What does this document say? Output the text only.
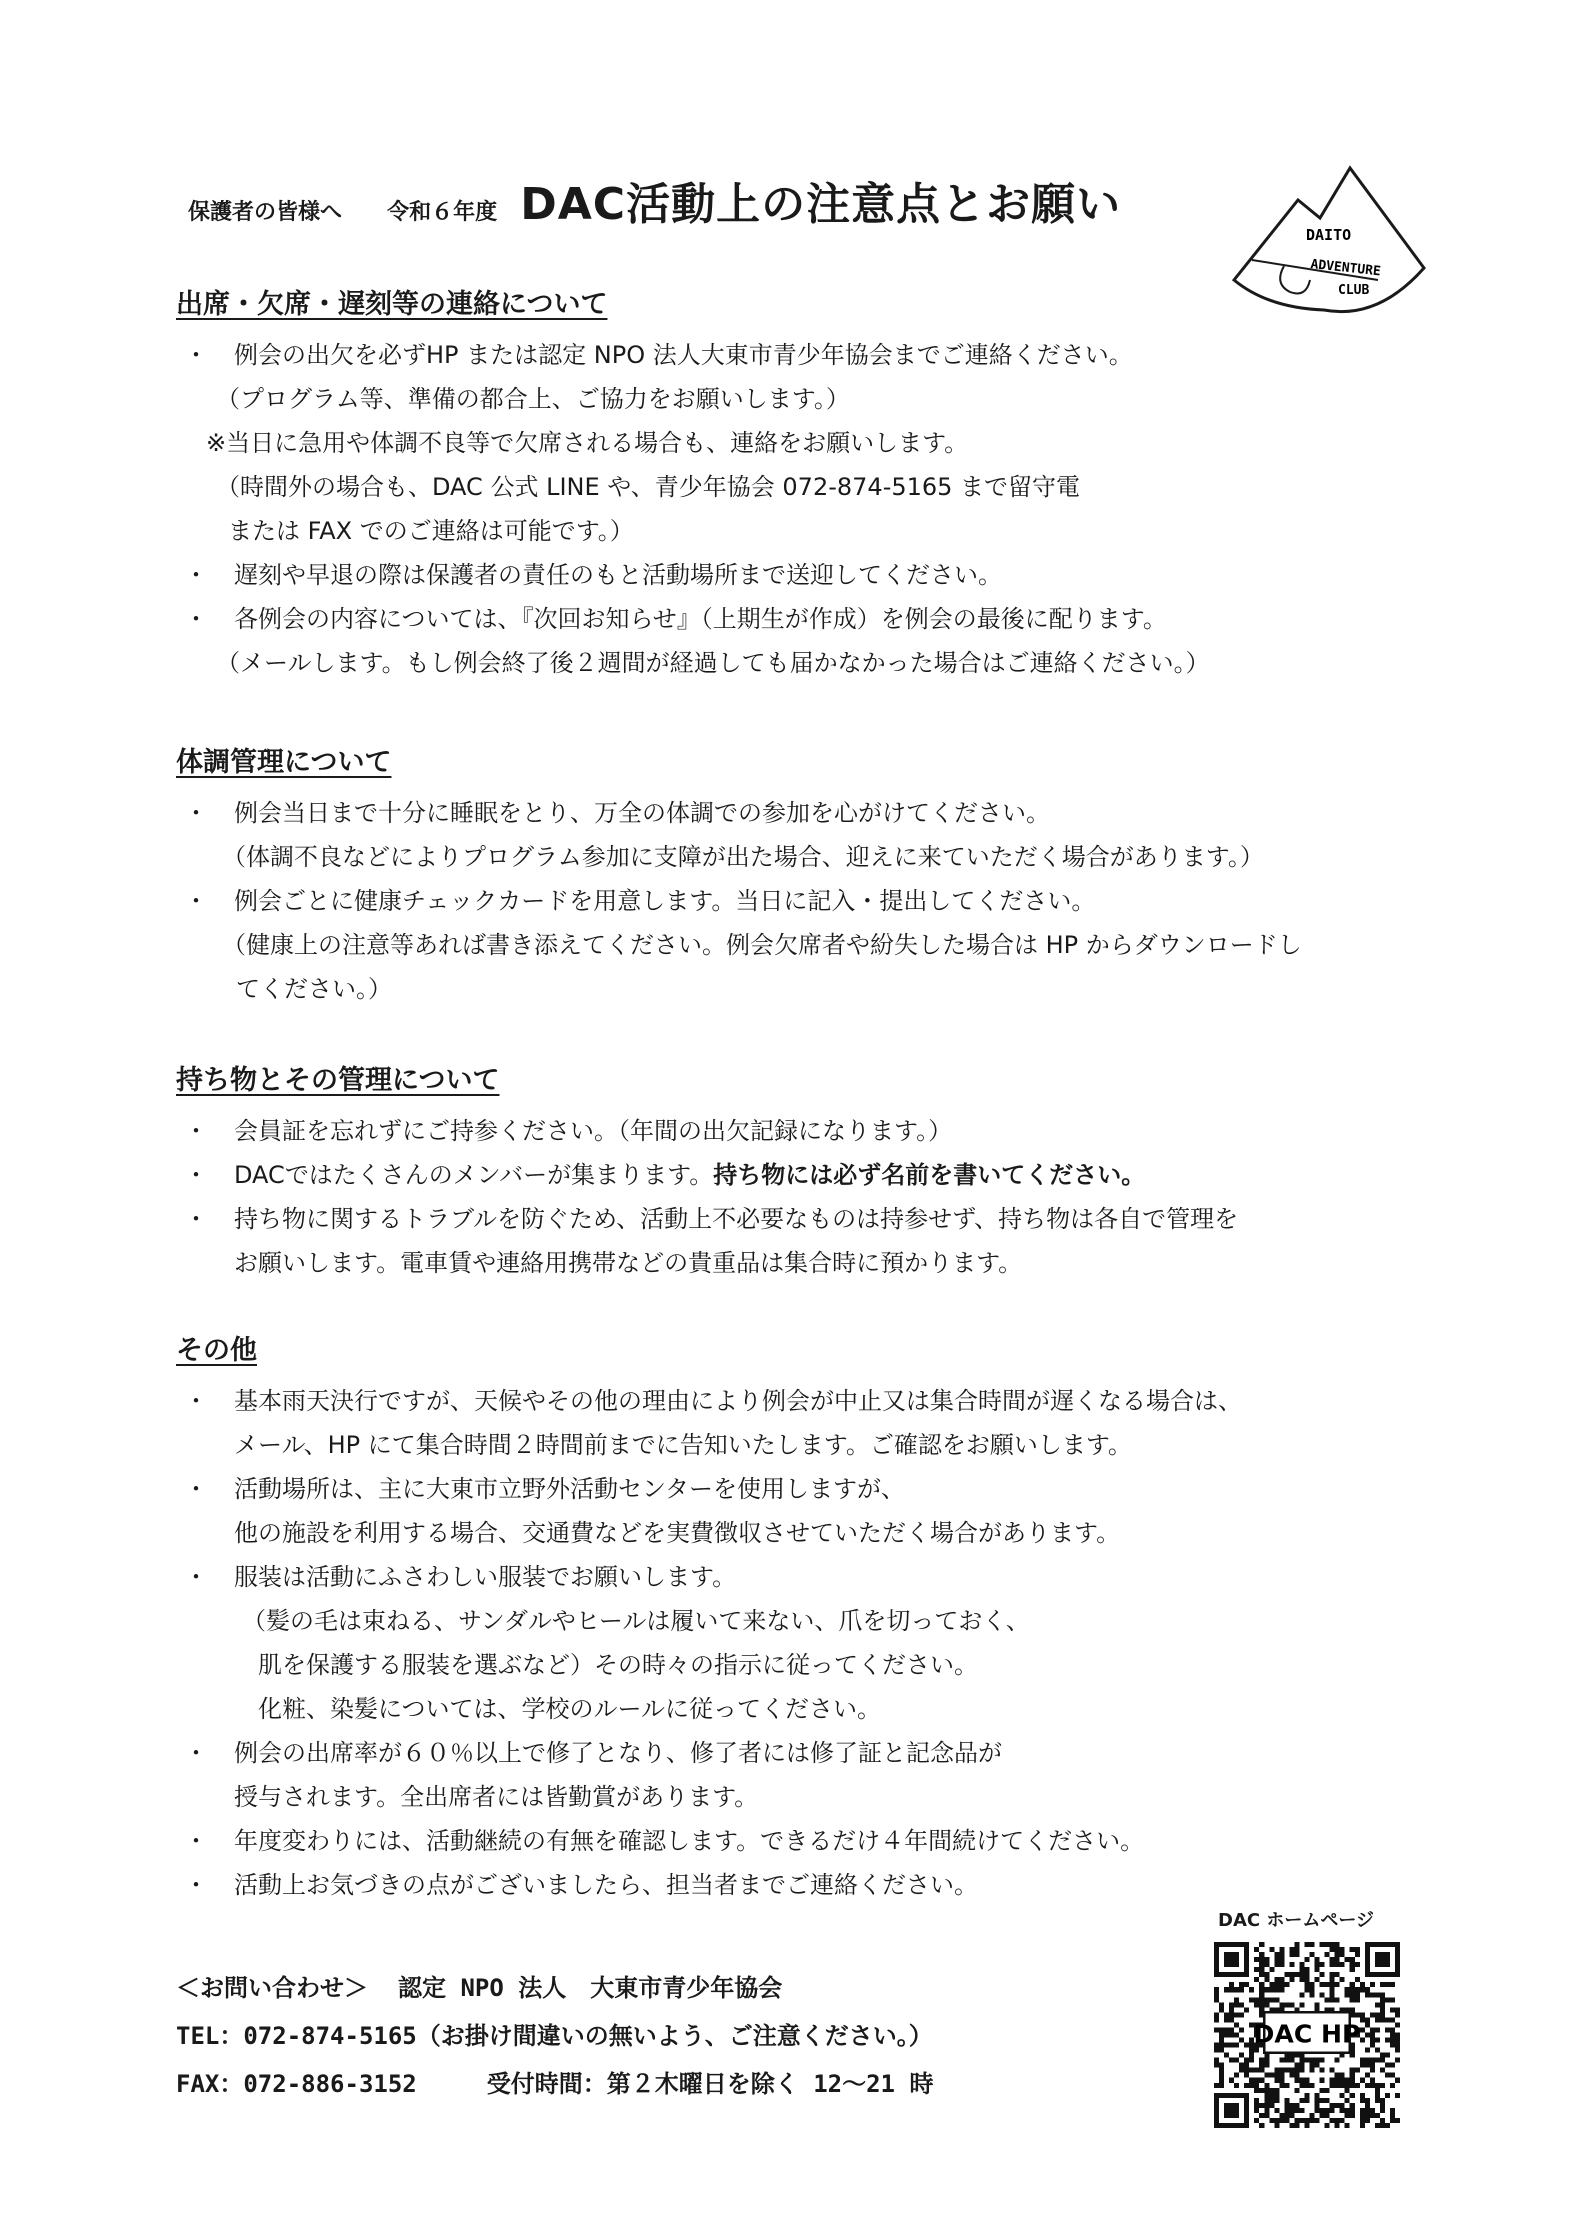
保護者の皆様へ 令和６年度 DAC活動上の注意点とお願い
DAITO
ADVENTURE
CLUB
出席・欠席・遅刻等の連絡について
・ 例会の出欠を必ずHP または認定 NPO 法人大東市青少年協会までご連絡ください。
（プログラム等、準備の都合上、ご協力をお願いします。）
※当日に急用や体調不良等で欠席される場合も、連絡をお願いします。
（時間外の場合も、DAC 公式 LINE や、青少年協会 072-874-5165 まで留守電
または FAX でのご連絡は可能です。）
・ 遅刻や早退の際は保護者の責任のもと活動場所まで送迎してください。
・ 各例会の内容については、『次回お知らせ』（上期生が作成）を例会の最後に配ります。
（メールします。もし例会終了後２週間が経過しても届かなかった場合はご連絡ください。）
体調管理について
・ 例会当日まで十分に睡眠をとり、万全の体調での参加を心がけてください。
（体調不良などによりプログラム参加に支障が出た場合、迎えに来ていただく場合があります。）
・ 例会ごとに健康チェックカードを用意します。当日に記入・提出してください。
（健康上の注意等あれば書き添えてください。例会欠席者や紛失した場合は HP からダウンロードし
てください。）
持ち物とその管理について
・ 会員証を忘れずにご持参ください。（年間の出欠記録になります。）
・ DACではたくさんのメンバーが集まります。持ち物には必ず名前を書いてください。
・ 持ち物に関するトラブルを防ぐため、活動上不必要なものは持参せず、持ち物は各自で管理を
お願いします。電車賃や連絡用携帯などの貴重品は集合時に預かります。
その他
・ 基本雨天決行ですが、天候やその他の理由により例会が中止又は集合時間が遅くなる場合は、
メール、HP にて集合時間２時間前までに告知いたします。ご確認をお願いします。
・ 活動場所は、主に大東市立野外活動センターを使用しますが、
他の施設を利用する場合、交通費などを実費徴収させていただく場合があります。
・ 服装は活動にふさわしい服装でお願いします。
（髪の毛は束ねる、サンダルやヒールは履いて来ない、爪を切っておく、
肌を保護する服装を選ぶなど）その時々の指示に従ってください。
化粧、染髪については、学校のルールに従ってください。
・ 例会の出席率が６０％以上で修了となり、修了者には修了証と記念品が
授与されます。全出席者には皆勤賞があります。
・ 年度変わりには、活動継続の有無を確認します。できるだけ４年間続けてください。
・ 活動上お気づきの点がございましたら、担当者までご連絡ください。
＜お問い合わせ＞ 認定 NPO 法人　大東市青少年協会
TEL：072-874-5165（お掛け間違いの無いよう、ご注意ください。）
FAX：072-886-3152	受付時間：第２木曜日を除く 12～21 時
DAC ホームページ
DAC HP
